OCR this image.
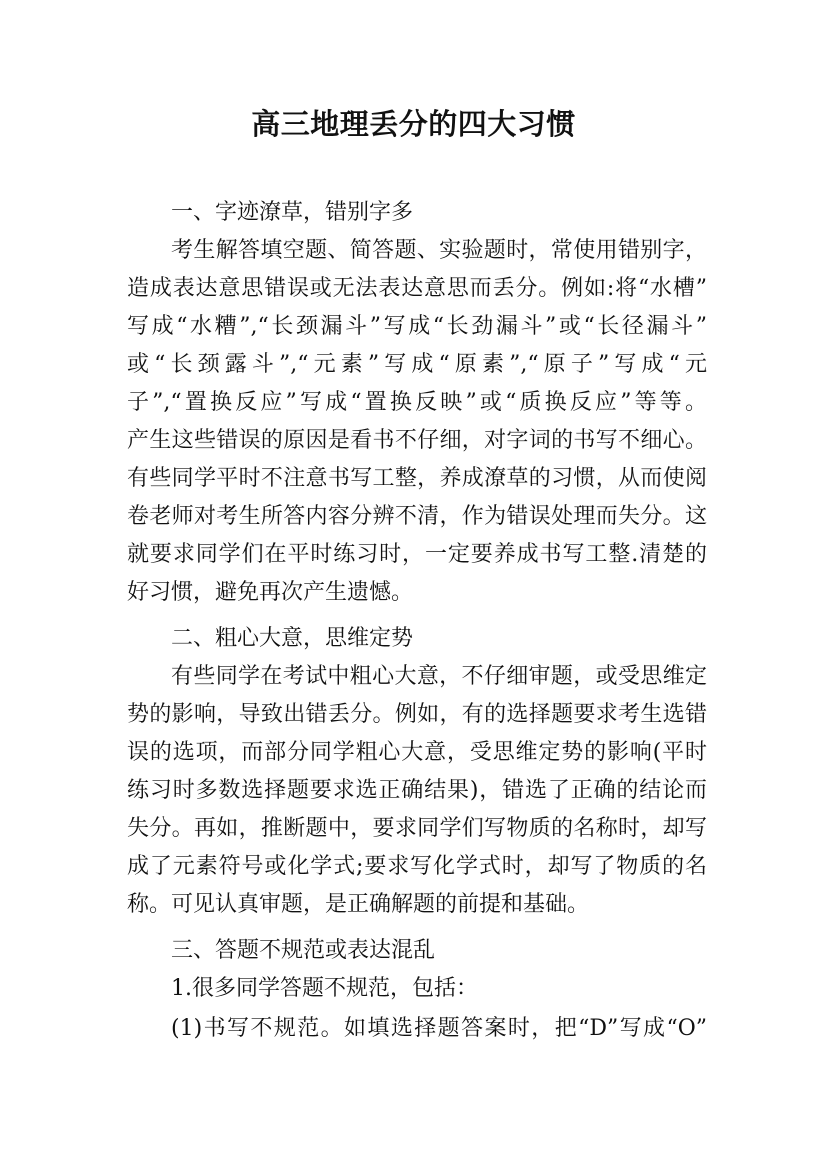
高三地理丢分的四大习惯
一、字迹潦草，错别字多
考生解答填空题、简答题、实验题时，常使用错别字，
造成表达意思错误或无法表达意思而丢分。例如:将“水槽”
写成“水糟”,“长颈漏斗”写成“长劲漏斗”或“长径漏斗”
或“长颈露斗”,“元素”写成“原素”,“原子”写成“元
子”,“置换反应”写成“置换反映”或“质换反应”等等。
产生这些错误的原因是看书不仔细，对字词的书写不细心。
有些同学平时不注意书写工整，养成潦草的习惯，从而使阅
卷老师对考生所答内容分辨不清，作为错误处理而失分。这
就要求同学们在平时练习时，一定要养成书写工整.清楚的
好习惯，避免再次产生遗憾。
二、粗心大意，思维定势
有些同学在考试中粗心大意，不仔细审题，或受思维定
势的影响，导致出错丢分。例如，有的选择题要求考生选错
误的选项，而部分同学粗心大意，受思维定势的影响(平时
练习时多数选择题要求选正确结果)，错选了正确的结论而
失分。再如，推断题中，要求同学们写物质的名称时，却写
成了元素符号或化学式;要求写化学式时，却写了物质的名
称。可见认真审题，是正确解题的前提和基础。
三、答题不规范或表达混乱
1.很多同学答题不规范，包括：
(1)书写不规范。如填选择题答案时，把“D”写成“O”
